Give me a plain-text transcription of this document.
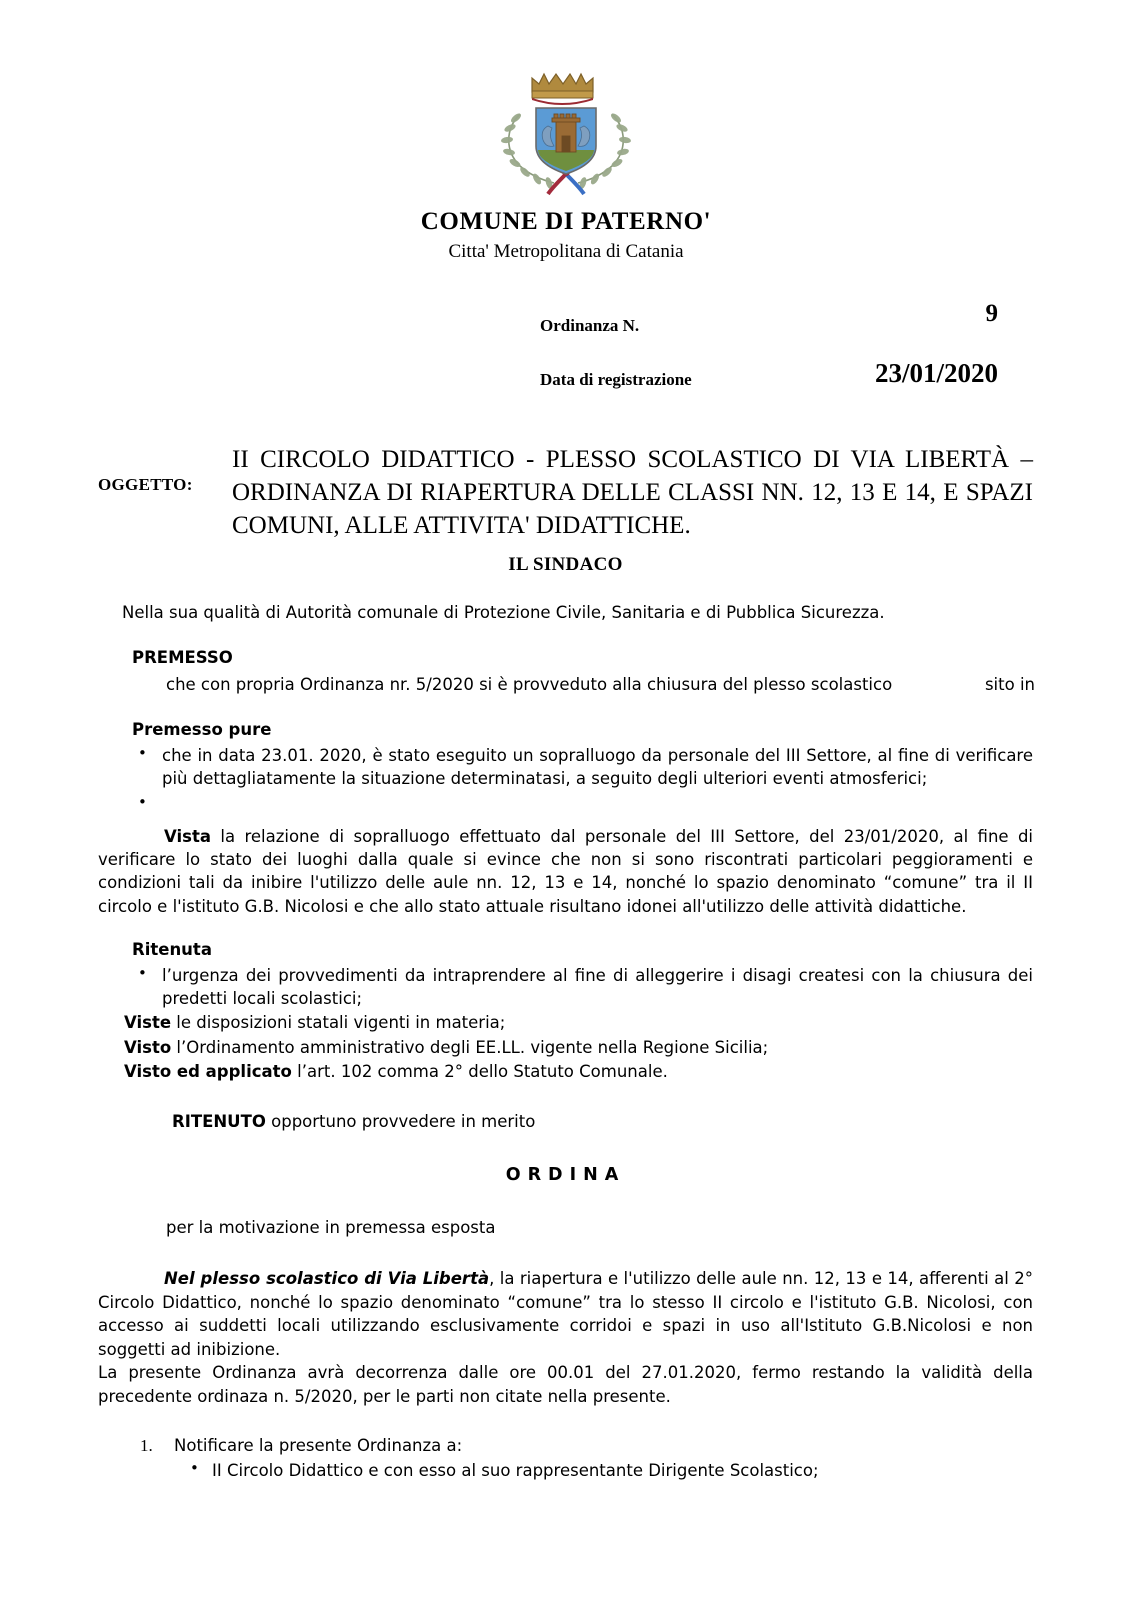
COMUNE DI PATERNO'
Citta' Metropolitana di Catania
Ordinanza N.	9
Data di registrazione	23/01/2020
OGGETTO:
II CIRCOLO DIDATTICO - PLESSO SCOLASTICO DI VIA LIBERTÀ – ORDINANZA DI RIAPERTURA DELLE CLASSI NN. 12, 13 E 14, E SPAZI COMUNI, ALLE ATTIVITA' DIDATTICHE.
IL SINDACO
Nella sua qualità di Autorità comunale di Protezione Civile, Sanitaria e di Pubblica Sicurezza.
PREMESSO
che con propria Ordinanza nr. 5/2020 si è provveduto alla chiusura del plesso scolastico	sito in
Premesso pure
• che in data 23.01. 2020, è stato eseguito un sopralluogo da personale del III Settore, al fine di verificare più dettagliatamente la situazione determinatasi, a seguito degli ulteriori eventi atmosferici;
•
Vista la relazione di sopralluogo effettuato dal personale del III Settore, del 23/01/2020, al fine di verificare lo stato dei luoghi dalla quale si evince che non si sono riscontrati particolari peggioramenti e condizioni tali da inibire l'utilizzo delle aule nn. 12, 13 e 14, nonché lo spazio denominato “comune” tra il II circolo e l'istituto G.B. Nicolosi e che allo stato attuale risultano idonei all'utilizzo delle attività didattiche.
Ritenuta
• l’urgenza dei provvedimenti da intraprendere al fine di alleggerire i disagi createsi con la chiusura dei predetti locali scolastici;
Viste le disposizioni statali vigenti in materia;
Visto l’Ordinamento amministrativo degli EE.LL. vigente nella Regione Sicilia;
Visto ed applicato l’art. 102 comma 2° dello Statuto Comunale.
RITENUTO opportuno provvedere in merito
ORDINA
per la motivazione in premessa esposta
Nel plesso scolastico di Via Libertà, la riapertura e l'utilizzo delle aule nn. 12, 13 e 14, afferenti al 2° Circolo Didattico, nonché lo spazio denominato “comune” tra lo stesso II circolo e l'istituto G.B. Nicolosi, con accesso ai suddetti locali utilizzando esclusivamente corridoi e spazi in uso all'Istituto G.B.Nicolosi e non soggetti ad inibizione.
La presente Ordinanza avrà decorrenza dalle ore 00.01 del 27.01.2020, fermo restando la validità della precedente ordinaza n. 5/2020, per le parti non citate nella presente.
Notificare la presente Ordinanza a:
• II Circolo Didattico e con esso al suo rappresentante Dirigente Scolastico;
